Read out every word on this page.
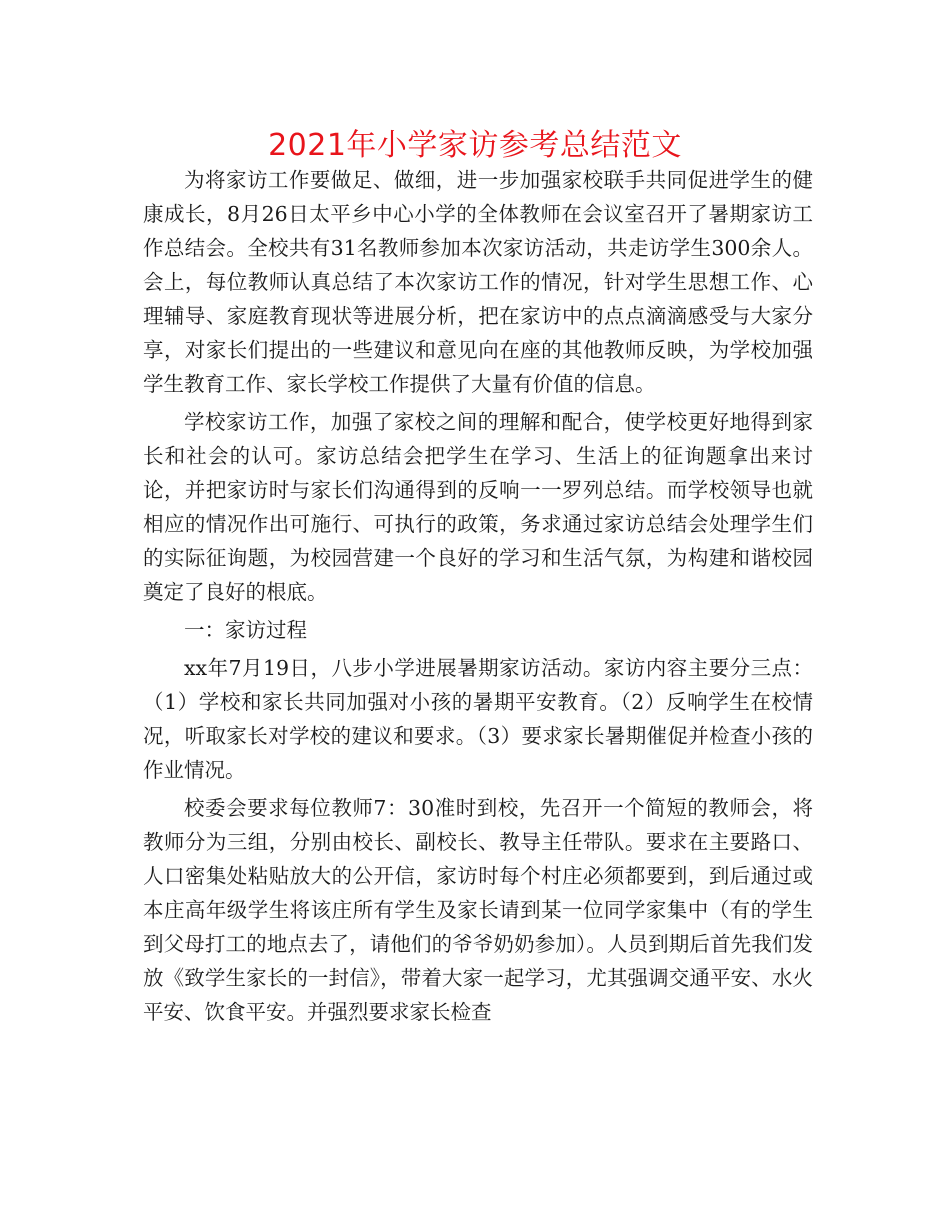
2021年小学家访参考总结范文

为将家访工作要做足、做细，进一步加强家校联手共同促进学生的健康成长，8月26日太平乡中心小学的全体教师在会议室召开了暑期家访工作总结会。全校共有31名教师参加本次家访活动，共走访学生300余人。会上，每位教师认真总结了本次家访工作的情况，针对学生思想工作、心理辅导、家庭教育现状等进展分析，把在家访中的点点滴滴感受与大家分享，对家长们提出的一些建议和意见向在座的其他教师反映，为学校加强学生教育工作、家长学校工作提供了大量有价值的信息。

学校家访工作，加强了家校之间的理解和配合，使学校更好地得到家长和社会的认可。家访总结会把学生在学习、生活上的征询题拿出来讨论，并把家访时与家长们沟通得到的反响一一罗列总结。而学校领导也就相应的情况作出可施行、可执行的政策，务求通过家访总结会处理学生们的实际征询题，为校园营建一个良好的学习和生活气氛，为构建和谐校园奠定了良好的根底。

一：家访过程

xx年7月19日，八步小学进展暑期家访活动。家访内容主要分三点：（1）学校和家长共同加强对小孩的暑期平安教育。（2）反响学生在校情况，听取家长对学校的建议和要求。（3）要求家长暑期催促并检查小孩的作业情况。

校委会要求每位教师7：30准时到校，先召开一个简短的教师会，将教师分为三组，分别由校长、副校长、教导主任带队。要求在主要路口、人口密集处粘贴放大的公开信，家访时每个村庄必须都要到，到后通过或本庄高年级学生将该庄所有学生及家长请到某一位同学家集中（有的学生到父母打工的地点去了，请他们的爷爷奶奶参加）。人员到期后首先我们发放《致学生家长的一封信》，带着大家一起学习，尤其强调交通平安、水火平安、饮食平安。并强烈要求家长检查
